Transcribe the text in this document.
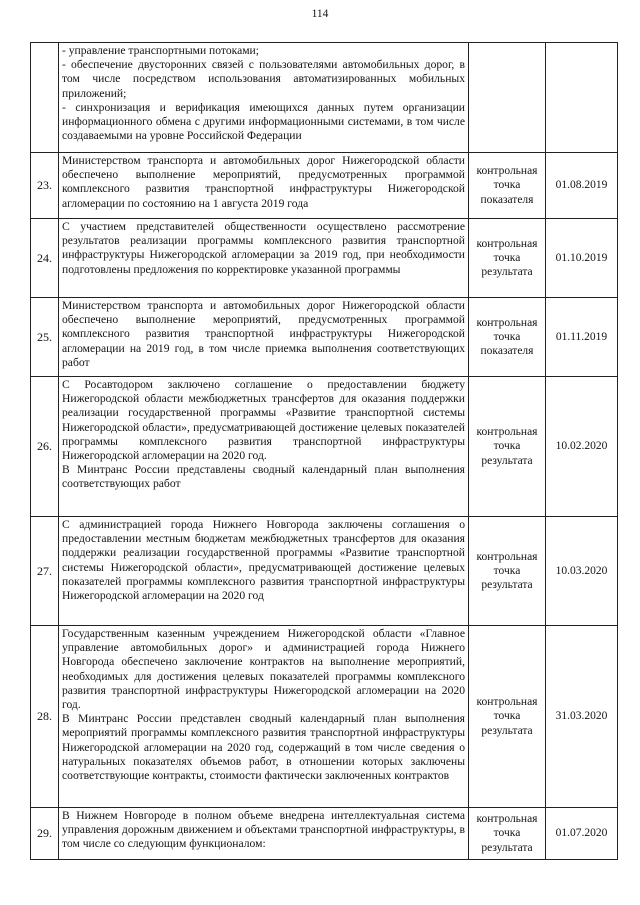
114

	- управление транспортными потоками;

- обеспечение двусторонних связей с пользователями автомобильных дорог, в том числе посредством использования автоматизированных мобильных приложений;

- синхронизация и верификация имеющихся данных путем организации информационного обмена с другими информационными системами, в том числе создаваемыми на уровне Российской Федерации		

23.	Министерством транспорта и автомобильных дорог Нижегородской области обеспечено выполнение мероприятий, предусмотренных программой комплексного развития транспортной инфраструктуры Нижегородской агломерации по состоянию на 1 августа 2019 года	контрольная точка показателя	01.08.2019
24.	С участием представителей общественности осуществлено рассмотрение результатов реализации программы комплексного развития транспортной инфраструктуры Нижегородской агломерации за 2019 год, при необходимости подготовлены предложения по корректировке указанной программы	контрольная точка результата	01.10.2019
25.	Министерством транспорта и автомобильных дорог Нижегородской области обеспечено выполнение мероприятий, предусмотренных программой комплексного развития транспортной инфраструктуры Нижегородской агломерации на 2019 год, в том числе приемка выполнения соответствующих работ	контрольная точка показателя	01.11.2019
26.	С Росавтодором заключено соглашение о предоставлении бюджету Нижегородской области межбюджетных трансфертов для оказания поддержки реализации государственной программы «Развитие транспортной системы Нижегородской области», предусматривающей достижение целевых показателей программы комплексного развития транспортной инфраструктуры Нижегородской агломерации на 2020 год.

В Минтранс России представлены сводный календарный план выполнения соответствующих работ	контрольная точка результата	10.02.2020
27.	С администрацией города Нижнего Новгорода заключены соглашения о предоставлении местным бюджетам межбюджетных трансфертов для оказания поддержки реализации государственной программы «Развитие транспортной системы Нижегородской области», предусматривающей достижение целевых показателей программы комплексного развития транспортной инфраструктуры Нижегородской агломерации на 2020 год	контрольная точка результата	10.03.2020
28.	Государственным казенным учреждением Нижегородской области «Главное управление автомобильных дорог» и администрацией города Нижнего Новгорода обеспечено заключение контрактов на выполнение мероприятий, необходимых для достижения целевых показателей программы комплексного развития транспортной инфраструктуры Нижегородской агломерации на 2020 год.

В Минтранс России представлен сводный календарный план выполнения мероприятий программы комплексного развития транспортной инфраструктуры Нижегородской агломерации на 2020 год, содержащий в том числе сведения о натуральных показателях объемов работ, в отношении которых заключены соответствующие контракты, стоимости фактически заключенных контрактов	контрольная точка результата	31.03.2020
29.	В Нижнем Новгороде в полном объеме внедрена интеллектуальная система управления дорожным движением и объектами транспортной инфраструктуры, в том числе со следующим функционалом:	контрольная точка результата	01.07.2020
